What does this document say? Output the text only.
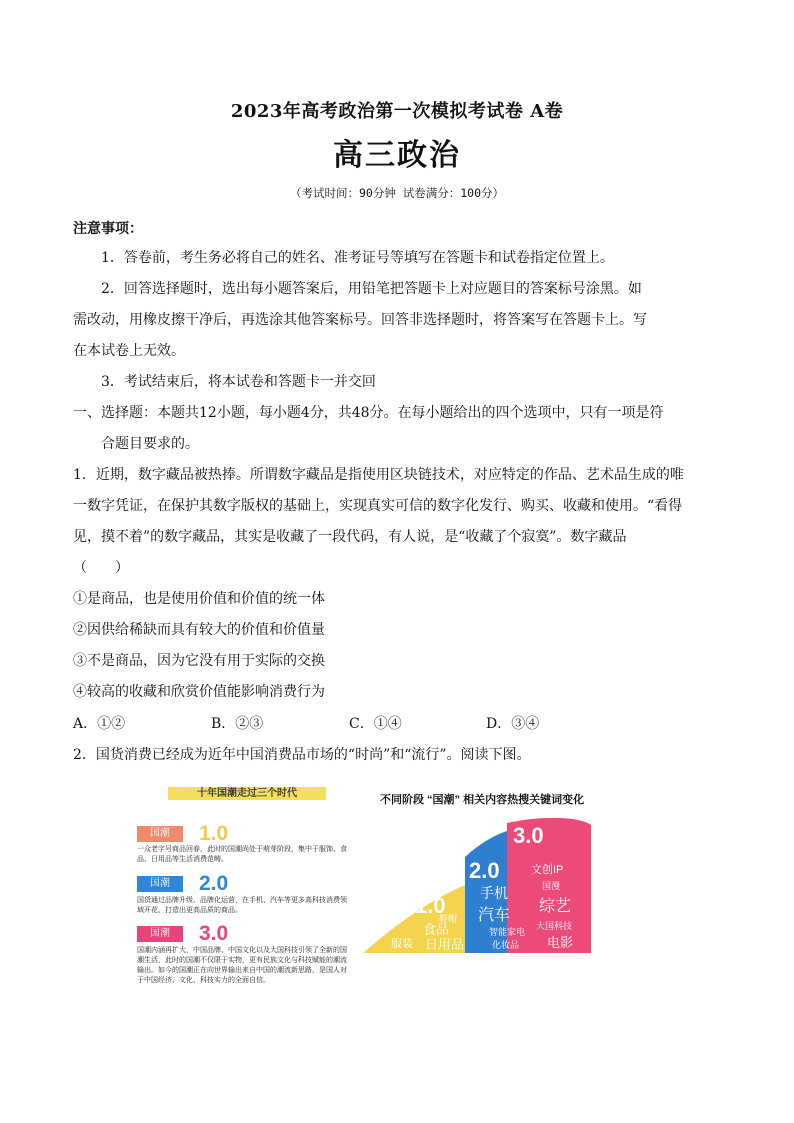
2023年高考政治第一次模拟考试卷 A卷
高三政治
（考试时间：90分钟 试卷满分：100分）
注意事项：
1．答卷前，考生务必将自己的姓名、准考证号等填写在答题卡和试卷指定位置上。
2．回答选择题时，选出每小题答案后，用铅笔把答题卡上对应题目的答案标号涂黑。如
需改动，用橡皮擦干净后，再选涂其他答案标号。回答非选择题时，将答案写在答题卡上。写
在本试卷上无效。
3．考试结束后，将本试卷和答题卡一并交回
一、选择题：本题共12小题，每小题4分，共48分。在每小题给出的四个选项中，只有一项是符
合题目要求的。
1．近期，数字藏品被热捧。所谓数字藏品是指使用区块链技术，对应特定的作品、艺术品生成的唯
一数字凭证，在保护其数字版权的基础上，实现真实可信的数字化发行、购买、收藏和使用。“看得
见，摸不着”的数字藏品，其实是收藏了一段代码，有人说，是“收藏了个寂寞”。数字藏品
（　　）
①是商品，也是使用价值和价值的统一体
②因供给稀缺而具有较大的价值和价值量
③不是商品，因为它没有用于实际的交换
④较高的收藏和欣赏价值能影响消费行为
A．①②	B．②③	C．①④	D．③④
2．国货消费已经成为近年中国消费品市场的“时尚”和“流行”。阅读下图。
十年国潮走过三个时代
国潮	1.0
一众老字号商品回春，此时的国潮尚处于萌芽阶段，集中于服饰、食品、日用品等生活消费范畴。
国潮	2.0
国货通过品牌升级、品牌化运营，在手机、汽车等更多高科技消费领域开花，打造出更高品质的商品。
国潮	3.0
国潮内涵再扩大，中国品牌、中国文化以及大国科技引领了全新的国潮生活，此时的国潮不仅限于实物，更有民族文化与科技赋能的潮流输出。如今的国潮正在向世界输出来自中国的潮流新思路，是国人对于中国经济、文化、科技实力的全面自信。
不同阶段 “国潮” 相关内容热搜关键词变化
1.0
鞋帽
食品
服装 日用品
2.0
手机
汽车
智能家电
化妆品
3.0
文创IP
国漫
综艺
大国科技
电影
